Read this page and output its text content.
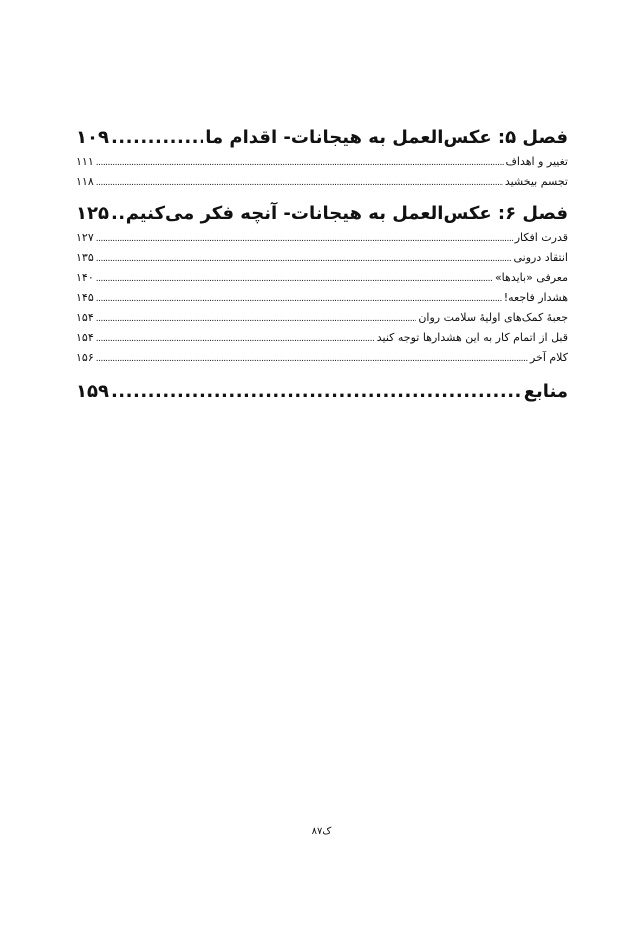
فصل ۵: عکس‌العمل به هیجانات- اقدام ما
.....
۱۰۹
تغییر و اهداف
.....
۱۱۱
تجسم بیخشید
.....
۱۱۸
فصل ۶: عکس‌العمل به هیجانات- آنچه فکر می‌کنیم
.....
۱۲۵
قدرت افکار
.....
۱۲۷
انتقاد درونی
.....
۱۳۵
معرفی «بایدها»
.....
۱۴۰
هشدار فاجعه!
.....
۱۴۵
جعبهٔ کمک‌های اولیهٔ سلامت روان
.....
۱۵۴
قبل از اتمام کار به این هشدارها توجه کنید
.....
۱۵۴
کلام آخر
.....
۱۵۶
منابع
.....
۱۵۹
ک‌۸‌۷
